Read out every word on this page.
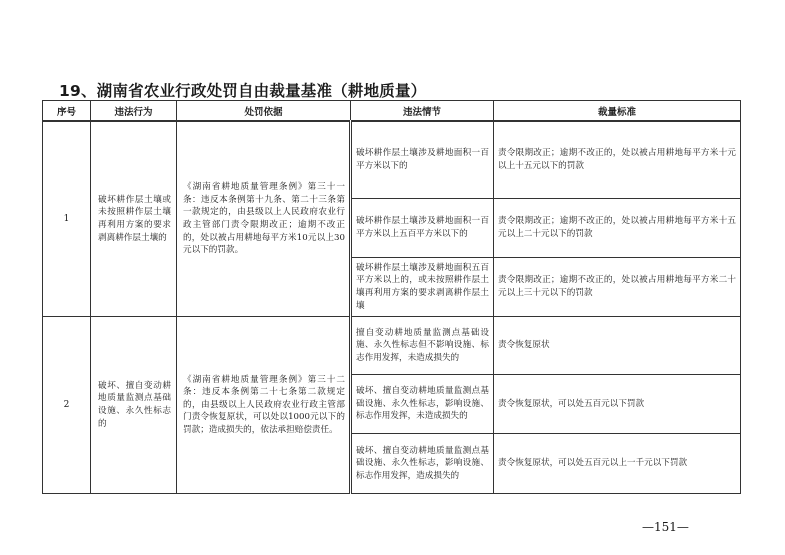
19、湖南省农业行政处罚自由裁量基准（耕地质量）
序号	违法行为	处罚依据	违法情节	裁量标准
1	破坏耕作层土壤或未按照耕作层土壤再利用方案的要求剥离耕作层土壤的	《湖南省耕地质量管理条例》第三十一条：违反本条例第十九条、第二十三条第一款规定的，由县级以上人民政府农业行政主管部门责令限期改正；逾期不改正的，处以被占用耕地每平方米10元以上30元以下的罚款。	破坏耕作层土壤涉及耕地面积一百平方米以下的	责令限期改正；逾期不改正的，处以被占用耕地每平方米十元以上十五元以下的罚款

			破坏耕作层土壤涉及耕地面积一百平方米以上五百平方米以下的	责令限期改正；逾期不改正的，处以被占用耕地每平方米十五元以上二十元以下的罚款

			破坏耕作层土壤涉及耕地面积五百平方米以上的，或未按照耕作层土壤再利用方案的要求剥离耕作层土壤	责令限期改正；逾期不改正的，处以被占用耕地每平方米二十元以上三十元以下的罚款

2	破坏、擅自变动耕地质量监测点基础设施、永久性标志的	《湖南省耕地质量管理条例》第三十二条：违反本条例第二十七条第二款规定的，由县级以上人民政府农业行政主管部门责令恢复原状，可以处以1000元以下的罚款；造成损失的，依法承担赔偿责任。	擅自变动耕地质量监测点基础设施、永久性标志但不影响设施、标志作用发挥，未造成损失的	责令恢复原状

			破坏、擅自变动耕地质量监测点基础设施、永久性标志，影响设施、标志作用发挥，未造成损失的	责令恢复原状，可以处五百元以下罚款

			破坏、擅自变动耕地质量监测点基础设施、永久性标志，影响设施、标志作用发挥，造成损失的	责令恢复原状，可以处五百元以上一千元以下罚款
—151—
